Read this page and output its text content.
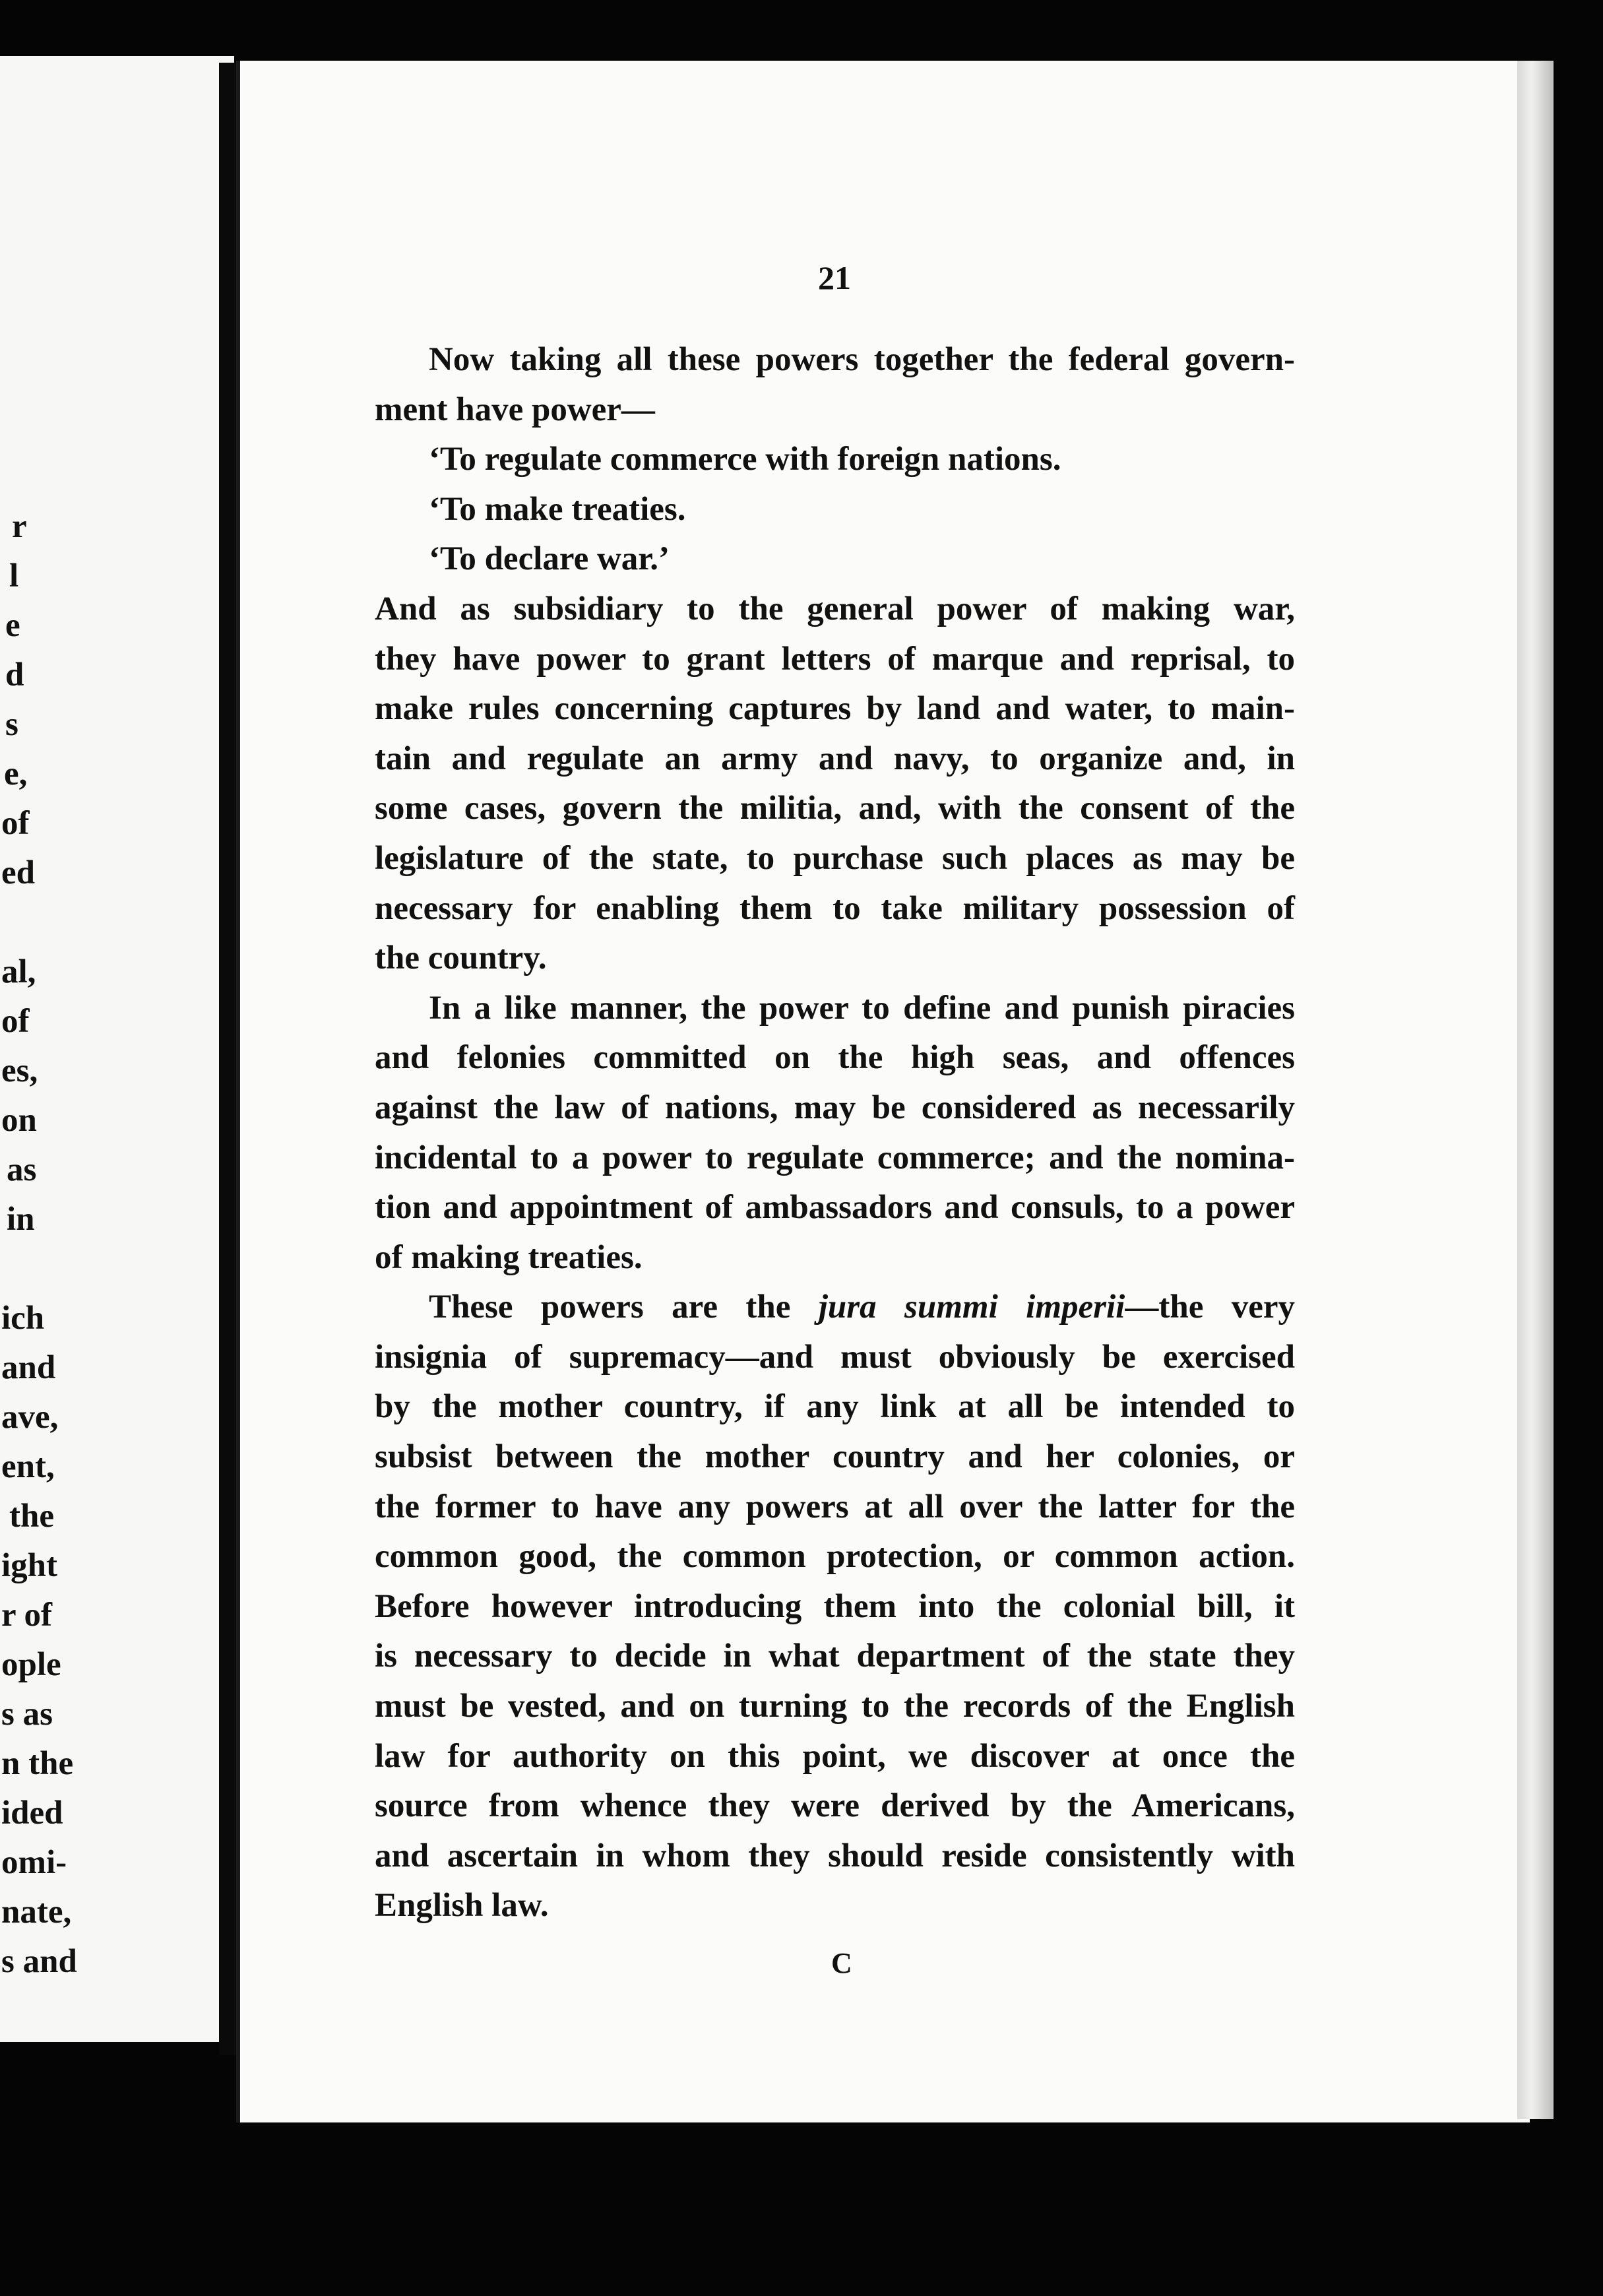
r
l
e
d
s
e,
of
ed
al,
of
es,
on
as
in
ich
and
ave,
ent,
the
ight
r of
ople
s as
n the
ided
omi-
nate,
s and
21
Now taking all these powers together the federal govern-
ment have power—
‘To regulate commerce with foreign nations.
‘To make treaties.
‘To declare war.’
And as subsidiary to the general power of making war,
they have power to grant letters of marque and reprisal, to
make rules concerning captures by land and water, to main-
tain and regulate an army and navy, to organize and, in
some cases, govern the militia, and, with the consent of the
legislature of the state, to purchase such places as may be
necessary for enabling them to take military possession of
the country.
In a like manner, the power to define and punish piracies
and felonies committed on the high seas, and offences
against the law of nations, may be considered as necessarily
incidental to a power to regulate commerce; and the nomina-
tion and appointment of ambassadors and consuls, to a power
of making treaties.
These powers are the jura summi imperii—the very
insignia of supremacy—and must obviously be exercised
by the mother country, if any link at all be intended to
subsist between the mother country and her colonies, or
the former to have any powers at all over the latter for the
common good, the common protection, or common action.
Before however introducing them into the colonial bill, it
is necessary to decide in what department of the state they
must be vested, and on turning to the records of the English
law for authority on this point, we discover at once the
source from whence they were derived by the Americans,
and ascertain in whom they should reside consistently with
English law.
C
